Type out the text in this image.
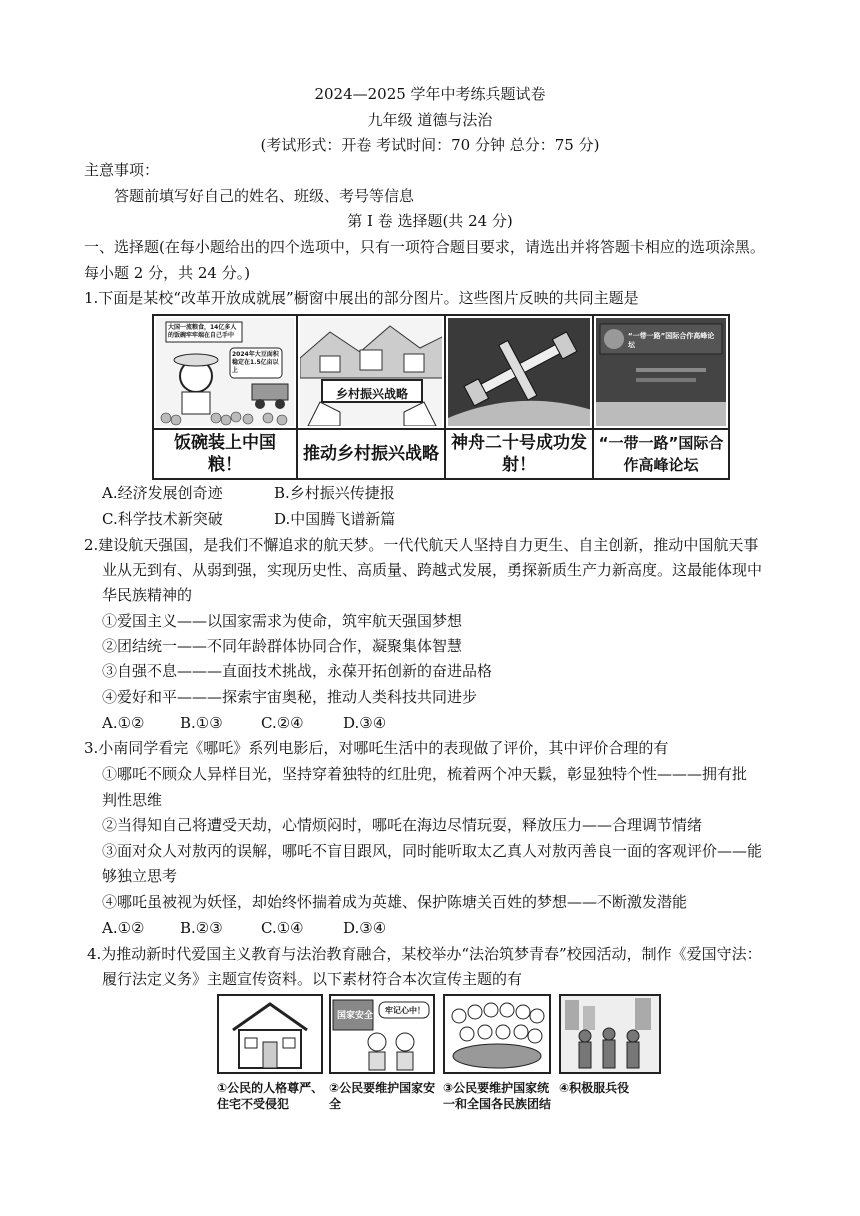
2024—2025 学年中考练兵题试卷
九年级 道德与法治
(考试形式：开卷 考试时间：70 分钟 总分：75 分)
主意事项：
答题前填写好自己的姓名、班级、考号等信息
第 Ⅰ 卷 选择题(共 24 分)
一、选择题(在每小题给出的四个选项中，只有一项符合题目要求，请选出并将答题卡相应的选项涂黑。
每小题 2 分，共 24 分。)
1.下面是某校“改革开放成就展”橱窗中展出的部分图片。这些图片反映的共同主题是
大国一流粮食，14亿多人的饭碗牢牢端在自己手中
2024年大豆面积稳定在1.5亿亩以上
饭碗装上中国粮！
乡村振兴战略
推动乡村振兴战略
神舟二十号成功发射！
“一带一路”国际合作高峰论坛
“一带一路”国际合作高峰论坛
A.经济发展创奇迹	B.乡村振兴传捷报
C.科学技术新突破	D.中国腾飞谱新篇
2.建设航天强国，是我们不懈追求的航天梦。一代代航天人坚持自力更生、自主创新，推动中国航天事
业从无到有、从弱到强，实现历史性、高质量、跨越式发展，勇探新质生产力新高度。这最能体现中
华民族精神的
①爱国主义——以国家需求为使命，筑牢航天强国梦想
②团结统一——不同年龄群体协同合作，凝聚集体智慧
③自强不息———直面技术挑战，永葆开拓创新的奋进品格
④爱好和平———探索宇宙奥秘，推动人类科技共同进步
A.①② B.①③	C.②④	D.③④
3.小南同学看完《哪吒》系列电影后，对哪吒生活中的表现做了评价，其中评价合理的有
①哪吒不顾众人异样目光，坚持穿着独特的红肚兜，梳着两个冲天鬏，彰显独特个性———拥有批
判性思维
②当得知自己将遭受天劫，心情烦闷时，哪吒在海边尽情玩耍，释放压力——合理调节情绪
③面对众人对敖丙的误解，哪吒不盲目跟风，同时能听取太乙真人对敖丙善良一面的客观评价——能
够独立思考
④哪吒虽被视为妖怪，却始终怀揣着成为英雄、保护陈塘关百姓的梦想——不断激发潜能
A.①② B.②③	C.①④	D.③④
4.为推动新时代爱国主义教育与法治教育融合，某校举办“法治筑梦青春”校园活动，制作《爱国守法：
履行法定义务》主题宣传资料。以下素材符合本次宣传主题的有
国家安全
牢记心中！
①公民的人格尊严、住宅不受侵犯
②公民要维护国家安全
③公民要维护国家统一和全国各民族团结
④积极服兵役
